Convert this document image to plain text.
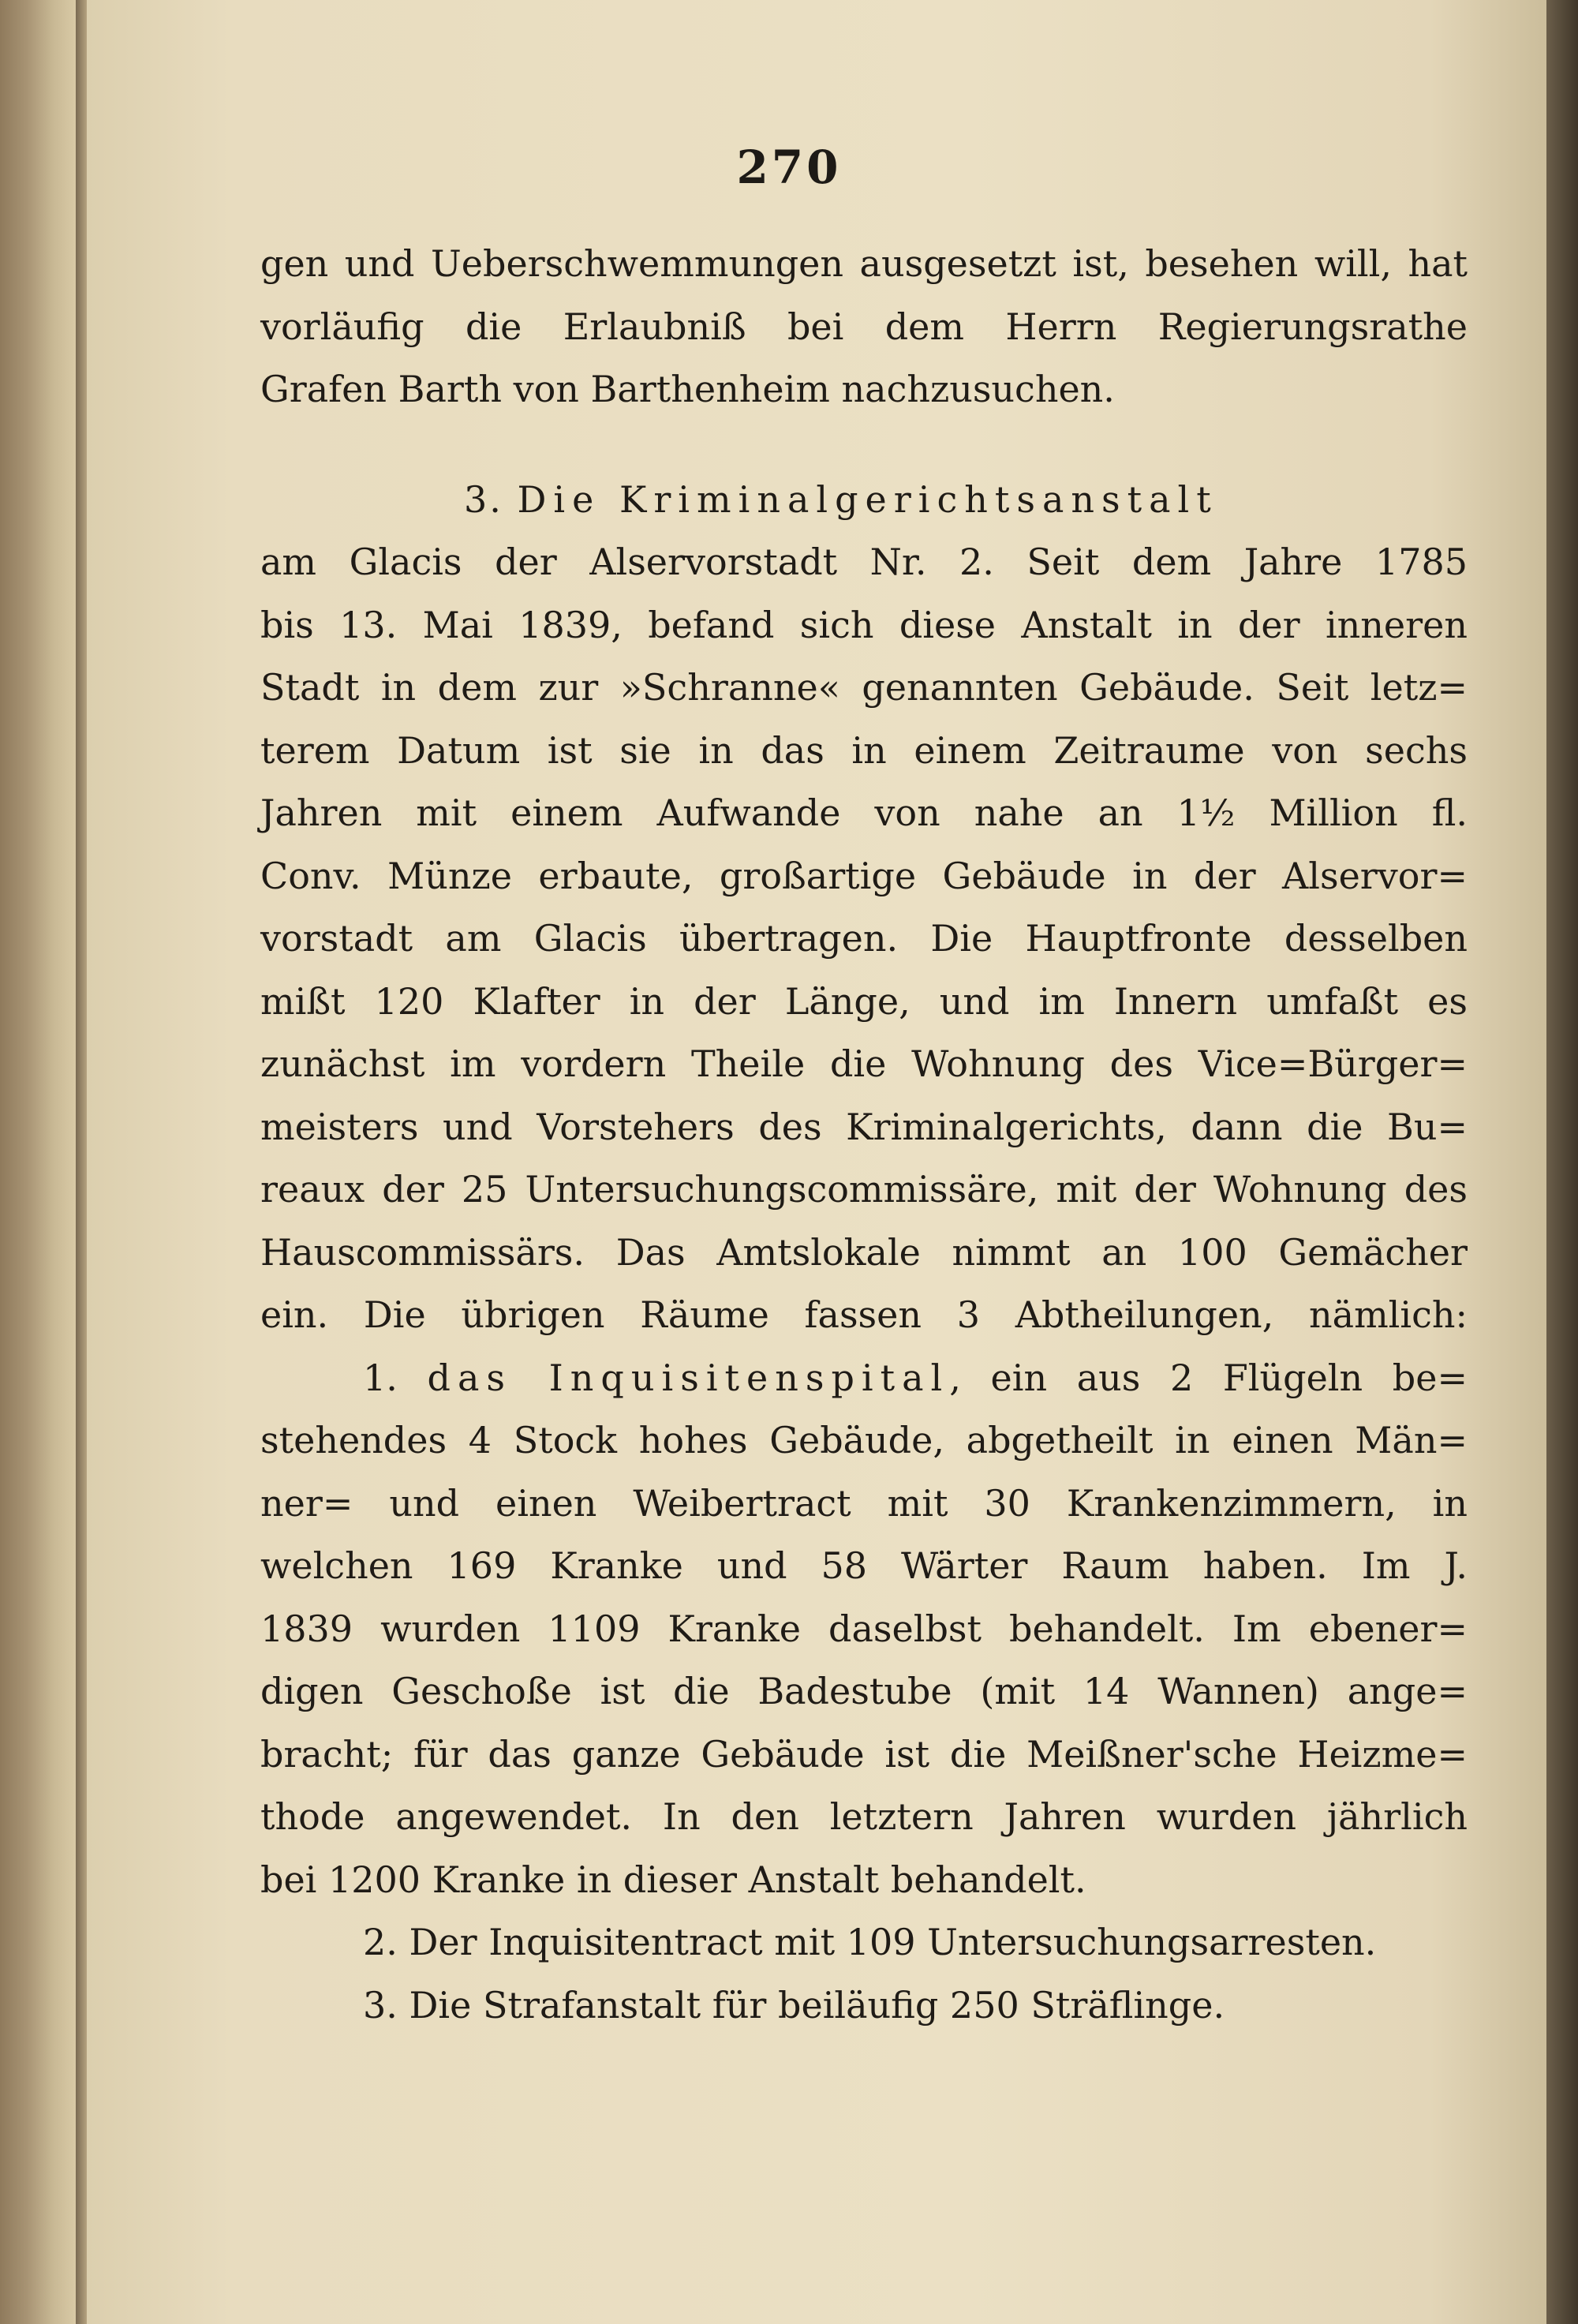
270
gen und Ueberschwemmungen ausgesetzt ist, besehen will, hat
vorläufig die Erlaubniß bei dem Herrn Regierungsrathe
Grafen Barth von Barthenheim nachzusuchen.
3. Die Kriminalgerichtsanstalt
am Glacis der Alservorstadt Nr. 2. Seit dem Jahre 1785
bis 13. Mai 1839, befand sich diese Anstalt in der inneren
Stadt in dem zur »Schranne« genannten Gebäude. Seit letz=
terem Datum ist sie in das in einem Zeitraume von sechs
Jahren mit einem Aufwande von nahe an 1½ Million fl.
Conv. Münze erbaute, großartige Gebäude in der Alservor=
vorstadt am Glacis übertragen. Die Hauptfronte desselben
mißt 120 Klafter in der Länge, und im Innern umfaßt es
zunächst im vordern Theile die Wohnung des Vice=Bürger=
meisters und Vorstehers des Kriminalgerichts, dann die Bu=
reaux der 25 Untersuchungscommissäre, mit der Wohnung des
Hauscommissärs. Das Amtslokale nimmt an 100 Gemächer
ein. Die übrigen Räume fassen 3 Abtheilungen, nämlich:
1. das Inquisitenspital, ein aus 2 Flügeln be=
stehendes 4 Stock hohes Gebäude, abgetheilt in einen Män=
ner= und einen Weibertract mit 30 Krankenzimmern, in
welchen 169 Kranke und 58 Wärter Raum haben. Im J.
1839 wurden 1109 Kranke daselbst behandelt. Im ebener=
digen Geschoße ist die Badestube (mit 14 Wannen) ange=
bracht; für das ganze Gebäude ist die Meißner'sche Heizme=
thode angewendet. In den letztern Jahren wurden jährlich
bei 1200 Kranke in dieser Anstalt behandelt.
2. Der Inquisitentract mit 109 Untersuchungsarresten.
3. Die Strafanstalt für beiläufig 250 Sträflinge.
